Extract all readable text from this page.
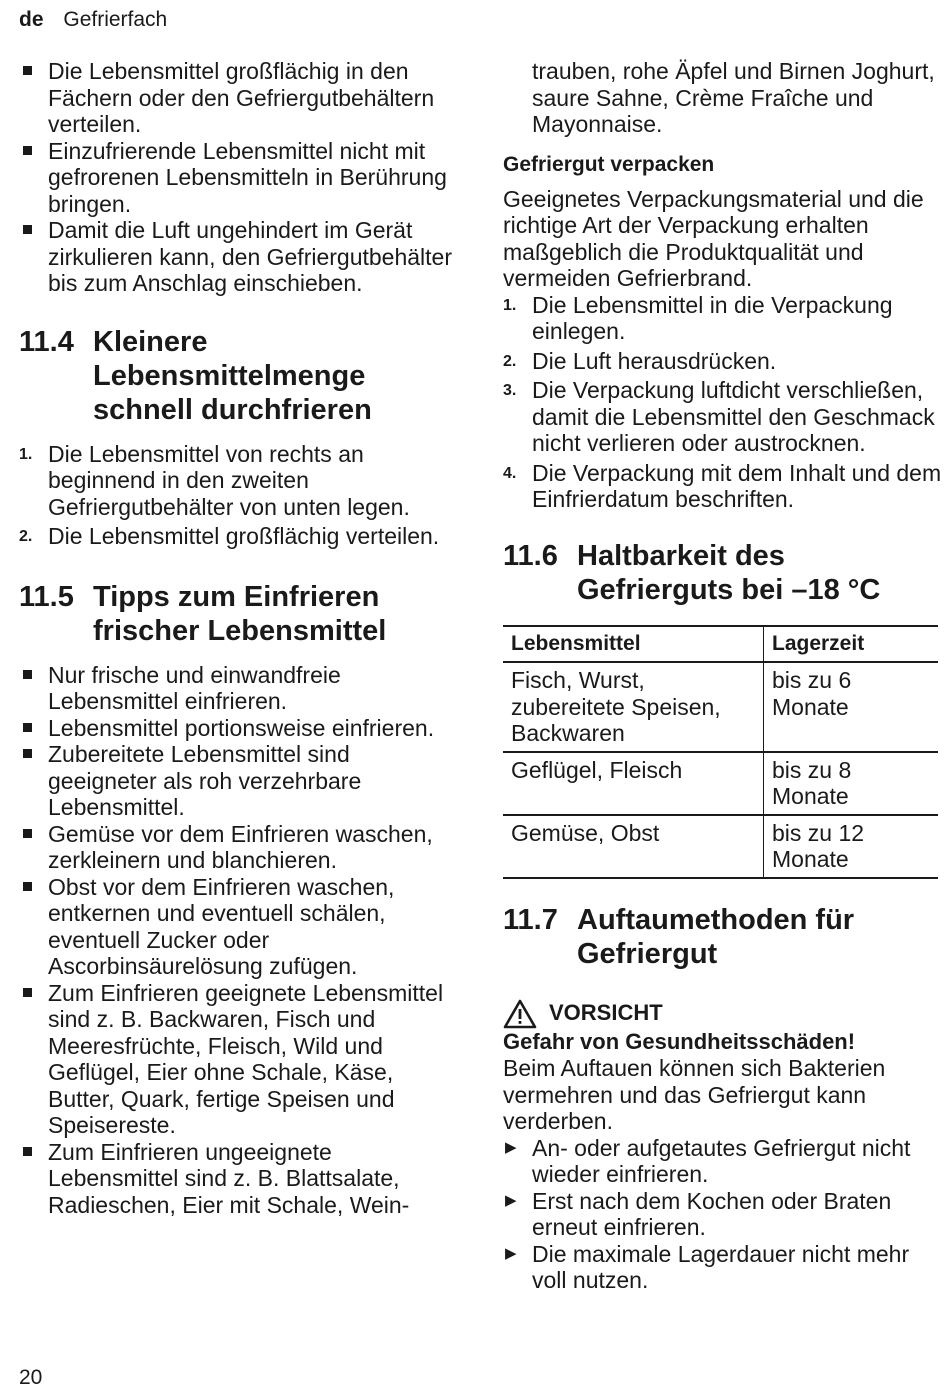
de Gefrierfach
Die Lebensmittel großflächig in den Fächern oder den Gefriergutbehältern verteilen.
Einzufrierende Lebensmittel nicht mit gefrorenen Lebensmitteln in Berührung bringen.
Damit die Luft ungehindert im Gerät zirkulieren kann, den Gefriergutbehälter bis zum Anschlag einschieben.
11.4 Kleinere Lebensmittelmenge schnell durchfrieren
1. Die Lebensmittel von rechts an beginnend in den zweiten Gefriergutbehälter von unten legen.
2. Die Lebensmittel großflächig verteilen.
11.5 Tipps zum Einfrieren frischer Lebensmittel
Nur frische und einwandfreie Lebensmittel einfrieren.
Lebensmittel portionsweise einfrieren.
Zubereitete Lebensmittel sind geeigneter als roh verzehrbare Lebensmittel.
Gemüse vor dem Einfrieren waschen, zerkleinern und blanchieren.
Obst vor dem Einfrieren waschen, entkernen und eventuell schälen, eventuell Zucker oder Ascorbinsäurelösung zufügen.
Zum Einfrieren geeignete Lebensmittel sind z. B. Backwaren, Fisch und Meeresfrüchte, Fleisch, Wild und Geflügel, Eier ohne Schale, Käse, Butter, Quark, fertige Speisen und Speisereste.
Zum Einfrieren ungeeignete Lebensmittel sind z. B. Blattsalate, Radieschen, Eier mit Schale, Wein-

trauben, rohe Äpfel und Birnen Joghurt, saure Sahne, Crème Fraîche und Mayonnaise.

Gefriergut verpacken

Geeignetes Verpackungsmaterial und die richtige Art der Verpackung erhalten maßgeblich die Produktqualität und vermeiden Gefrierbrand.

1. Die Lebensmittel in die Verpackung einlegen.
2. Die Luft herausdrücken.
3. Die Verpackung luftdicht verschließen, damit die Lebensmittel den Geschmack nicht verlieren oder austrocknen.
4. Die Verpackung mit dem Inhalt und dem Einfrierdatum beschriften.
11.6 Haltbarkeit des Gefrierguts bei –18 °C
Lebensmittel	Lagerzeit
Fisch, Wurst, zubereitete Speisen, Backwaren	bis zu 6 Monate
Geflügel, Fleisch	bis zu 8 Monate
Gemüse, Obst	bis zu 12 Monate
11.7 Auftaumethoden für Gefriergut
VORSICHT
Gefahr von Gesundheitsschäden!

Beim Auftauen können sich Bakterien vermehren und das Gefriergut kann verderben.

▶ An- oder aufgetautes Gefriergut nicht wieder einfrieren.
▶ Erst nach dem Kochen oder Braten erneut einfrieren.
▶ Die maximale Lagerdauer nicht mehr voll nutzen.
20
